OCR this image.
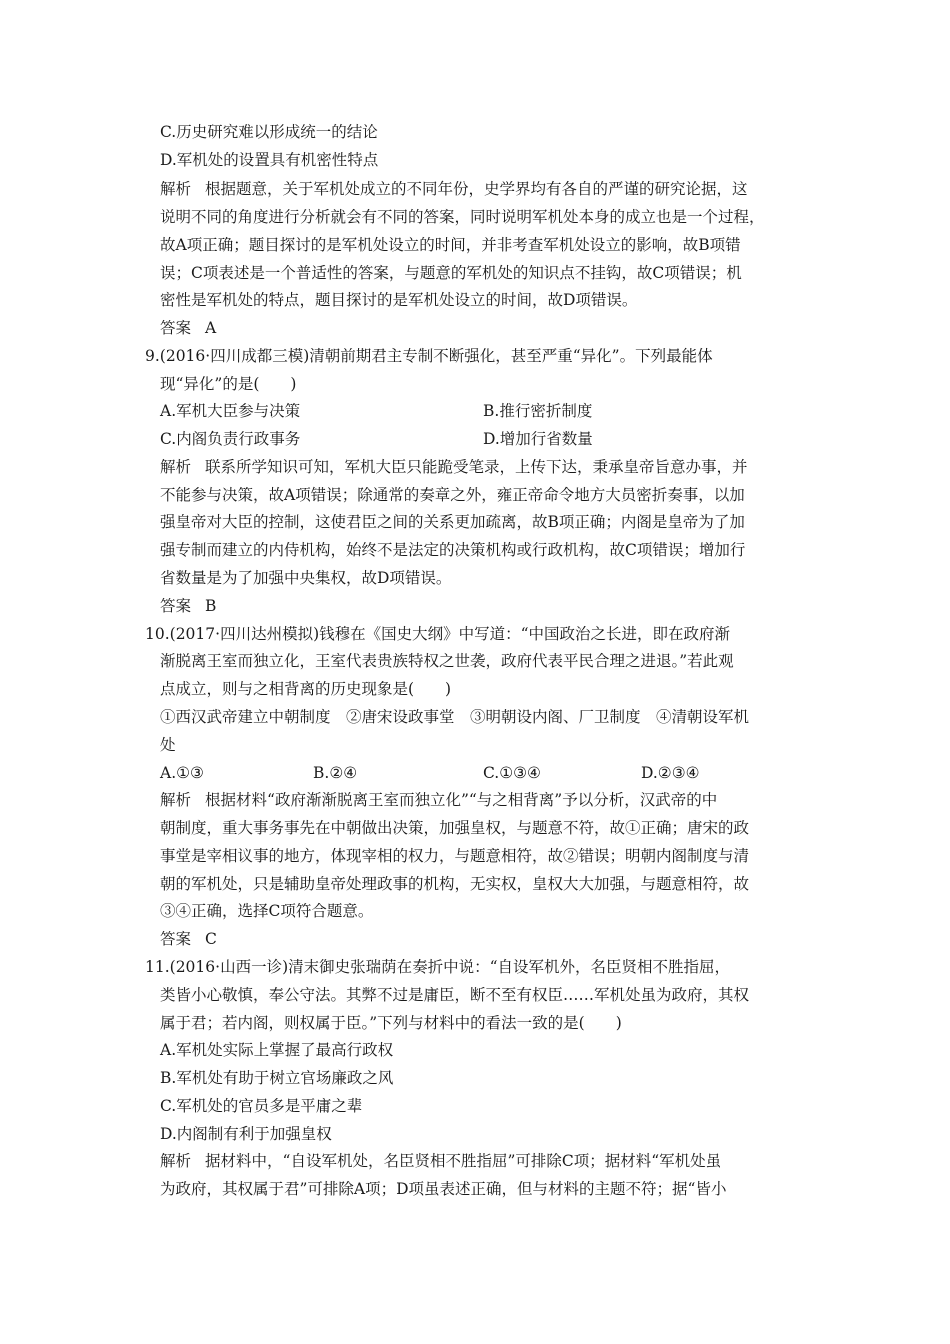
C.历史研究难以形成统一的结论
D.军机处的设置具有机密性特点
解析 根据题意，关于军机处成立的不同年份，史学界均有各自的严谨的研究论据，这
说明不同的角度进行分析就会有不同的答案，同时说明军机处本身的成立也是一个过程，
故A项正确；题目探讨的是军机处设立的时间，并非考查军机处设立的影响，故B项错
误；C项表述是一个普适性的答案，与题意的军机处的知识点不挂钩，故C项错误；机
密性是军机处的特点，题目探讨的是军机处设立的时间，故D项错误。
答案 A
9.(2016·四川成都三模)清朝前期君主专制不断强化，甚至严重“异化”。下列最能体
现“异化”的是(　　)
A.军机大臣参与决策	B.推行密折制度
C.内阁负责行政事务	D.增加行省数量
解析 联系所学知识可知，军机大臣只能跪受笔录，上传下达，秉承皇帝旨意办事，并
不能参与决策，故A项错误；除通常的奏章之外，雍正帝命令地方大员密折奏事，以加
强皇帝对大臣的控制，这使君臣之间的关系更加疏离，故B项正确；内阁是皇帝为了加
强专制而建立的内侍机构，始终不是法定的决策机构或行政机构，故C项错误；增加行
省数量是为了加强中央集权，故D项错误。
答案 B
10.(2017·四川达州模拟)钱穆在《国史大纲》中写道：“中国政治之长进，即在政府渐
渐脱离王室而独立化，王室代表贵族特权之世袭，政府代表平民合理之进退。”若此观
点成立，则与之相背离的历史现象是(　　)
①西汉武帝建立中朝制度　②唐宋设政事堂　③明朝设内阁、厂卫制度　④清朝设军机
处
A.①③	B.②④	C.①③④	D.②③④
解析 根据材料“政府渐渐脱离王室而独立化”“与之相背离”予以分析，汉武帝的中
朝制度，重大事务事先在中朝做出决策，加强皇权，与题意不符，故①正确；唐宋的政
事堂是宰相议事的地方，体现宰相的权力，与题意相符，故②错误；明朝内阁制度与清
朝的军机处，只是辅助皇帝处理政事的机构，无实权，皇权大大加强，与题意相符，故
③④正确，选择C项符合题意。
答案 C
11.(2016·山西一诊)清末御史张瑞荫在奏折中说：“自设军机外，名臣贤相不胜指屈，
类皆小心敬慎，奉公守法。其弊不过是庸臣，断不至有权臣……军机处虽为政府，其权
属于君；若内阁，则权属于臣。”下列与材料中的看法一致的是(　　)
A.军机处实际上掌握了最高行政权
B.军机处有助于树立官场廉政之风
C.军机处的官员多是平庸之辈
D.内阁制有利于加强皇权
解析 据材料中，“自设军机处，名臣贤相不胜指屈”可排除C项；据材料“军机处虽
为政府，其权属于君”可排除A项；D项虽表述正确，但与材料的主题不符；据“皆小
